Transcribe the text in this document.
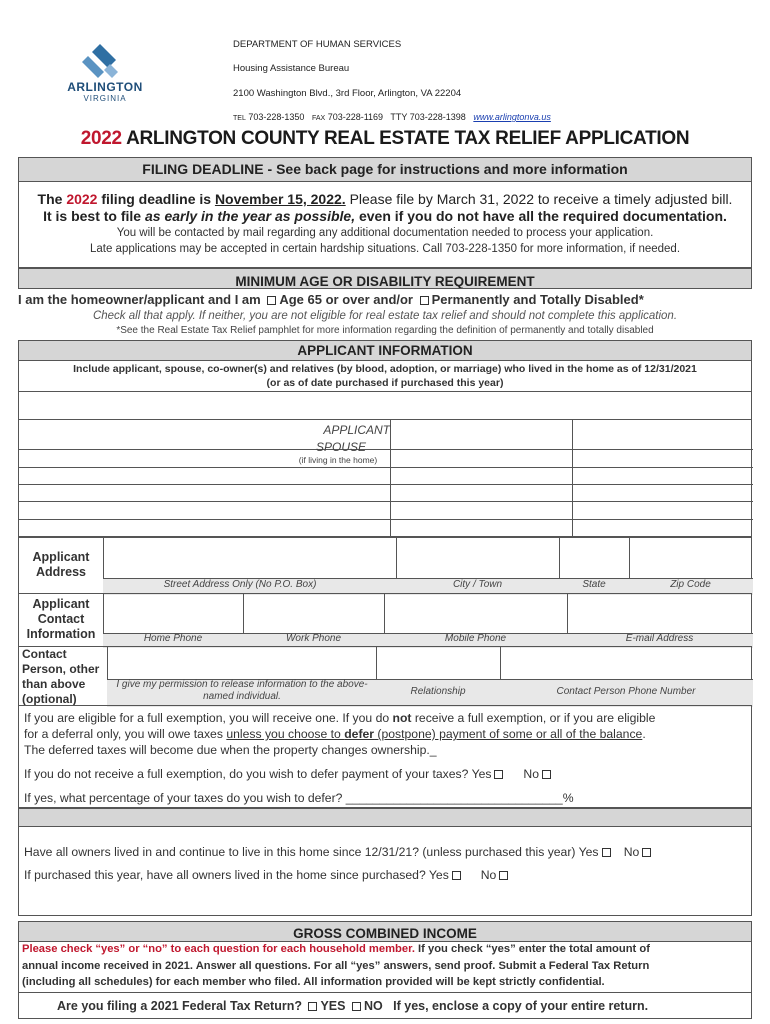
ARLINGTON
VIRGINIA
DEPARTMENT OF HUMAN SERVICES
Housing Assistance Bureau
2100 Washington Blvd., 3rd Floor, Arlington, VA 22204
TEL 703-228-1350 FAX 703-228-1169 TTY 703-228-1398 www.arlingtonva.us
2022 ARLINGTON COUNTY REAL ESTATE TAX RELIEF APPLICATION
FILING DEADLINE - See back page for instructions and more information
The 2022 filing deadline is November 15, 2022. Please file by March 31, 2022 to receive a timely adjusted bill.
It is best to file as early in the year as possible, even if you do not have all the required documentation.
You will be contacted by mail regarding any additional documentation needed to process your application.
Late applications may be accepted in certain hardship situations. Call 703-228-1350 for more information, if needed.
MINIMUM AGE OR DISABILITY REQUIREMENT
I am the homeowner/applicant and I am Age 65 or over and/or Permanently and Totally Disabled*
Check all that apply. If neither, you are not eligible for real estate tax relief and should not complete this application.
*See the Real Estate Tax Relief pamphlet for more information regarding the definition of permanently and totally disabled
APPLICANT INFORMATION
Include applicant, spouse, co-owner(s) and relatives (by blood, adoption, or marriage) who lived in the home as of 12/31/2021
(or as of date purchased if purchased this year)
APPLICANT
SPOUSE
(if living in the home)
Applicant Address
Street Address Only (No P.O. Box)	City / Town	State	Zip Code
Applicant Contact Information	Home Phone	Work Phone	Mobile Phone	E-mail Address
Contact Person, other than above (optional)
I give my permission to release information to the above-named individual.	Relationship	Contact Person Phone Number
If you are eligible for a full exemption, you will receive one. If you do not receive a full exemption, or if you are eligible
for a deferral only, you will owe taxes unless you choose to defer (postpone) payment of some or all of the balance.
The deferred taxes will become due when the property changes ownership._
If you do not receive a full exemption, do you wish to defer payment of your taxes? Yes	No
If yes, what percentage of your taxes do you wish to defer? ________________________________%
Have all owners lived in and continue to live in this home since 12/31/21? (unless purchased this year) Yes No
If purchased this year, have all owners lived in the home since purchased? Yes	No
GROSS COMBINED INCOME
Please check “yes” or “no” to each question for each household member. If you check “yes” enter the total amount of
annual income received in 2021. Answer all questions. For all “yes” answers, send proof. Submit a Federal Tax Return
(including all schedules) for each member who filed. All information provided will be kept strictly confidential.
Are you filing a 2021 Federal Tax Return? YES NO If yes, enclose a copy of your entire return.
